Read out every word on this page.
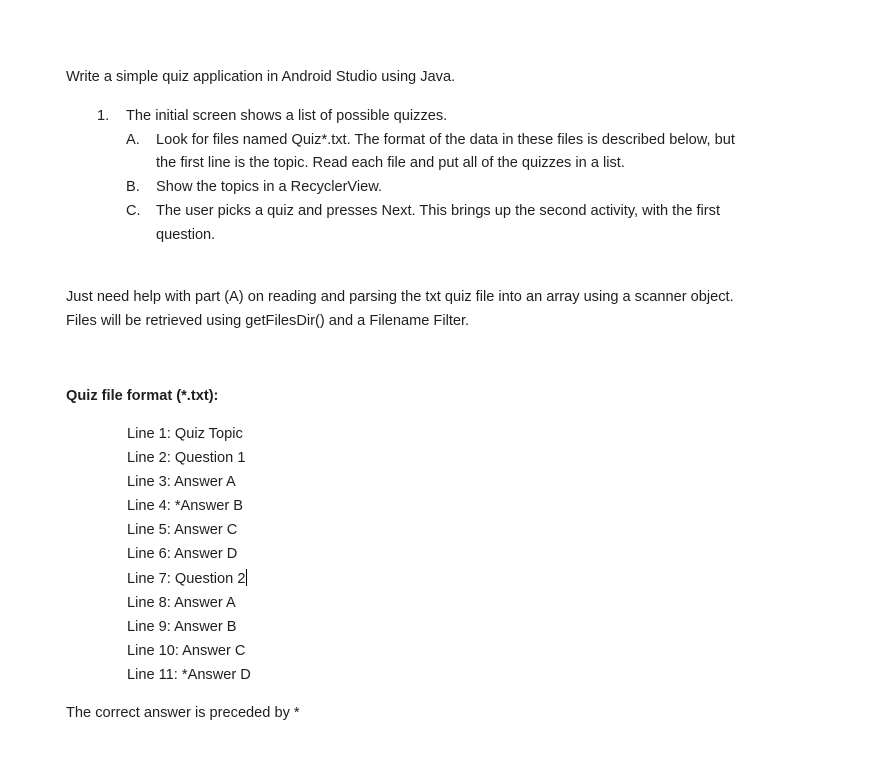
Write a simple quiz application in Android Studio using Java.
1. The initial screen shows a list of possible quizzes.
A. Look for files named Quiz*.txt. The format of the data in these files is described below, but
the first line is the topic. Read each file and put all of the quizzes in a list.
B. Show the topics in a RecyclerView.
C. The user picks a quiz and presses Next. This brings up the second activity, with the first
question.
Just need help with part (A) on reading and parsing the txt quiz file into an array using a scanner object.
Files will be retrieved using getFilesDir() and a Filename Filter.
Quiz file format (*.txt):
Line 1: Quiz Topic
Line 2: Question 1
Line 3: Answer A
Line 4: *Answer B
Line 5: Answer C
Line 6: Answer D
Line 7: Question 2
Line 8: Answer A
Line 9: Answer B
Line 10: Answer C
Line 11: *Answer D
The correct answer is preceded by *
